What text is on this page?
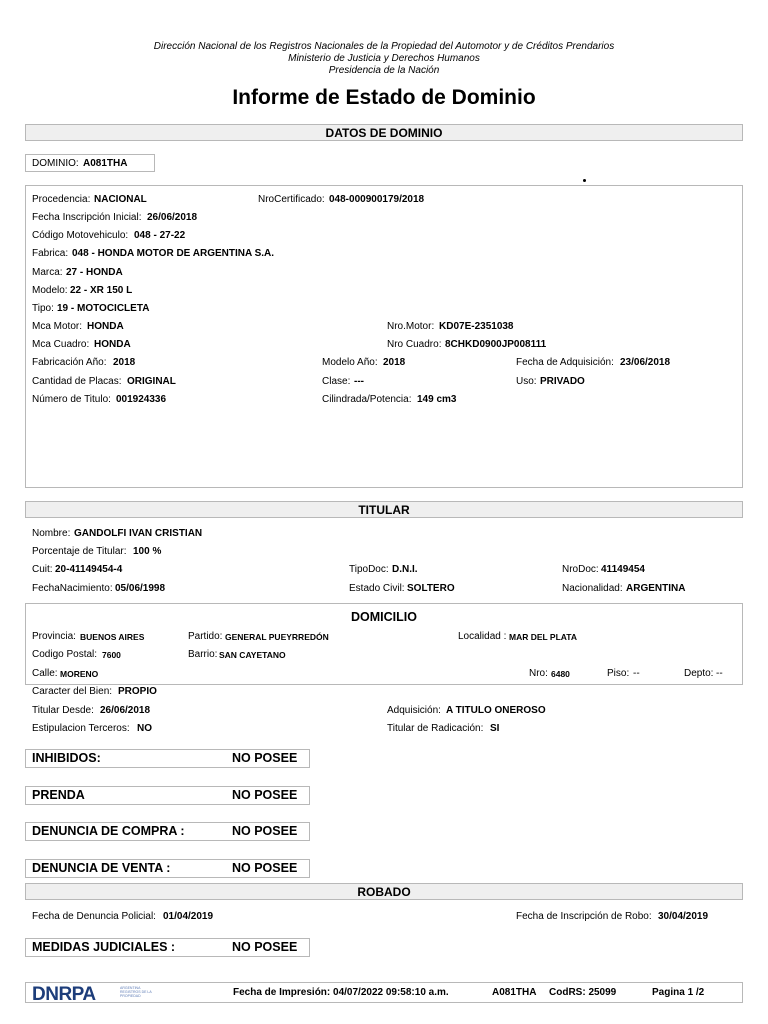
Dirección Nacional de los Registros Nacionales de la Propiedad del Automotor y de Créditos Prendarios
Ministerio de Justicia y Derechos Humanos
Presidencia de la Nación
Informe de Estado de Dominio
DATOS DE DOMINIO
DOMINIO: A081THA
Procedencia: NACIONAL	NroCertificado: 048-000900179/2018
Fecha Inscripción Inicial: 26/06/2018
Código Motovehiculo: 048 - 27-22
Fabrica: 048 - HONDA MOTOR DE ARGENTINA S.A.
Marca: 27 - HONDA
Modelo: 22 - XR 150 L
Tipo: 19 - MOTOCICLETA
Mca Motor: HONDA	Nro.Motor: KD07E-2351038
Mca Cuadro: HONDA	Nro Cuadro: 8CHKD0900JP008111
Fabricación Año: 2018	Modelo Año: 2018	Fecha de Adquisición: 23/06/2018
Cantidad de Placas: ORIGINAL	Clase: ---	Uso: PRIVADO
Número de Titulo: 001924336	Cilindrada/Potencia: 149 cm3
TITULAR
Nombre: GANDOLFI IVAN CRISTIAN
Porcentaje de Titular: 100 %
Cuit: 20-41149454-4	TipoDoc: D.N.I.	NroDoc: 41149454
FechaNacimiento: 05/06/1998	Estado Civil: SOLTERO	Nacionalidad: ARGENTINA
DOMICILIO
Provincia: BUENOS AIRES	Partido: GENERAL PUEYRREDÓN	Localidad : MAR DEL PLATA
Codigo Postal: 7600	Barrio: SAN CAYETANO
Calle: MORENO	Nro: 6480	Piso: --	Depto: --
Caracter del Bien: PROPIO
Titular Desde: 26/06/2018	Adquisición: A TITULO ONEROSO
Estipulacion Terceros: NO	Titular de Radicación: SI
INHIBIDOS:	NO POSEE
PRENDA	NO POSEE
DENUNCIA DE COMPRA :	NO POSEE
DENUNCIA DE VENTA :	NO POSEE
ROBADO
Fecha de Denuncia Policial: 01/04/2019	Fecha de Inscripción de Robo: 30/04/2019
MEDIDAS JUDICIALES :	NO POSEE
DNRPA	ARGENTINA REGISTROS DE LA PROPIEDAD	Fecha de Impresión: 04/07/2022 09:58:10 a.m.	A081THA CodRS: 25099	Pagina 1 /2
